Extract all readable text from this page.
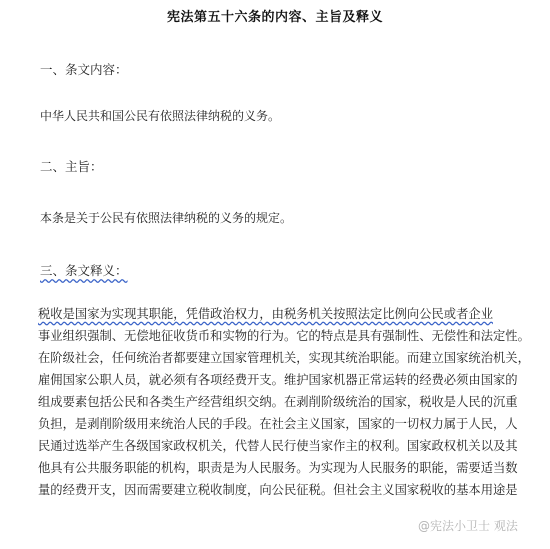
宪法第五十六条的内容、主旨及释义
一、条文内容：
中华人民共和国公民有依照法律纳税的义务。
二、主旨：
本条是关于公民有依照法律纳税的义务的规定。
三、条文释义：
税收是国家为实现其职能，凭借政治权力，由税务机关按照法定比例向公民或者企业
事业组织强制、无偿地征收货币和实物的行为。它的特点是具有强制性、无偿性和法定性。
在阶级社会，任何统治者都要建立国家管理机关，实现其统治职能。而建立国家统治机关，
雇佣国家公职人员，就必须有各项经费开支。维护国家机器正常运转的经费必须由国家的
组成要素包括公民和各类生产经营组织交纳。在剥削阶级统治的国家，税收是人民的沉重
负担，是剥削阶级用来统治人民的手段。在社会主义国家，国家的一切权力属于人民，人
民通过选举产生各级国家政权机关，代替人民行使当家作主的权利。国家政权机关以及其
他具有公共服务职能的机构，职责是为人民服务。为实现为人民服务的职能，需要适当数
量的经费开支，因而需要建立税收制度，向公民征税。但社会主义国家税收的基本用途是
@宪法小卫士 观法
